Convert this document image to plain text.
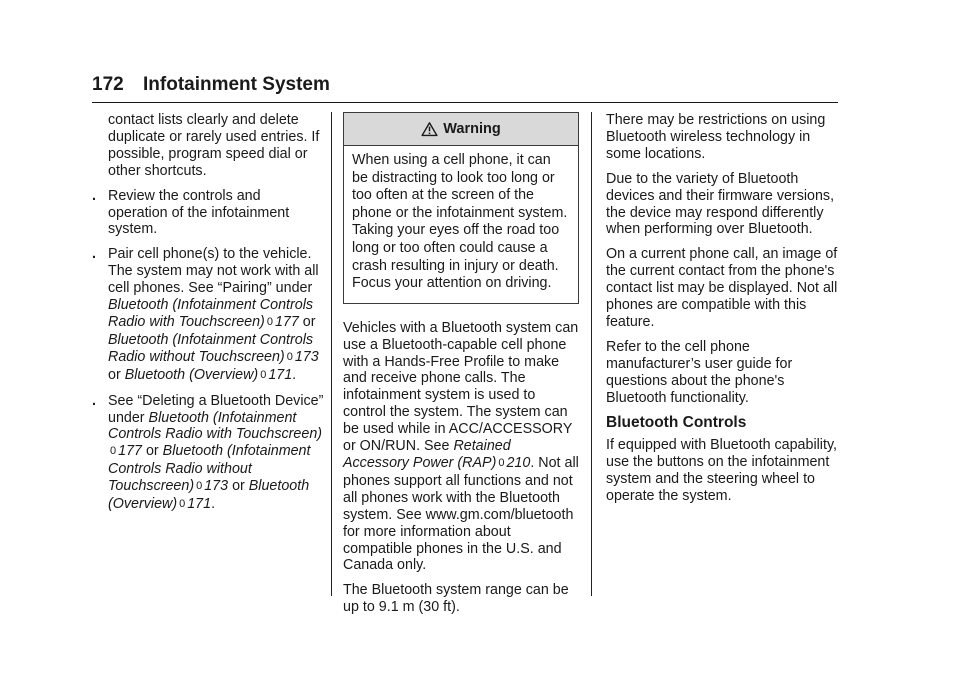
172 Infotainment System

contact lists clearly and delete duplicate or rarely used entries. If possible, program speed dial or other shortcuts.

. Review the controls and operation of the infotainment system.
. Pair cell phone(s) to the vehicle. The system may not work with all cell phones. See “Pairing” under Bluetooth (Infotainment Controls Radio with Touchscreen) 0 177 or Bluetooth (Infotainment Controls Radio without Touchscreen) 0 173 or Bluetooth (Overview) 0 171.
. See “Deleting a Bluetooth Device” under Bluetooth (Infotainment Controls Radio with Touchscreen)0 177 or Bluetooth (Infotainment Controls Radio without Touchscreen) 0 173 or Bluetooth (Overview) 0 171.
Warning
When using a cell phone, it can be distracting to look too long or too often at the screen of the phone or the infotainment system. Taking your eyes off the road too long or too often could cause a crash resulting in injury or death. Focus your attention on driving.

Vehicles with a Bluetooth system can use a Bluetooth-capable cell phone with a Hands-Free Profile to make and receive phone calls. The infotainment system is used to control the system. The system can be used while in ACC/ACCESSORY or ON/RUN. See Retained Accessory Power (RAP) 0 210. Not all phones support all functions and not all phones work with the Bluetooth system. See www.gm.com/bluetooth for more information about compatible phones in the U.S. and Canada only.

The Bluetooth system range can be up to 9.1 m (30 ft).

There may be restrictions on using Bluetooth wireless technology in some locations.

Due to the variety of Bluetooth devices and their firmware versions, the device may respond differently when performing over Bluetooth.

On a current phone call, an image of the current contact from the phone's contact list may be displayed. Not all phones are compatible with this feature.

Refer to the cell phone manufacturer’s user guide for questions about the phone's Bluetooth functionality.

Bluetooth Controls

If equipped with Bluetooth capability, use the buttons on the infotainment system and the steering wheel to operate the system.
